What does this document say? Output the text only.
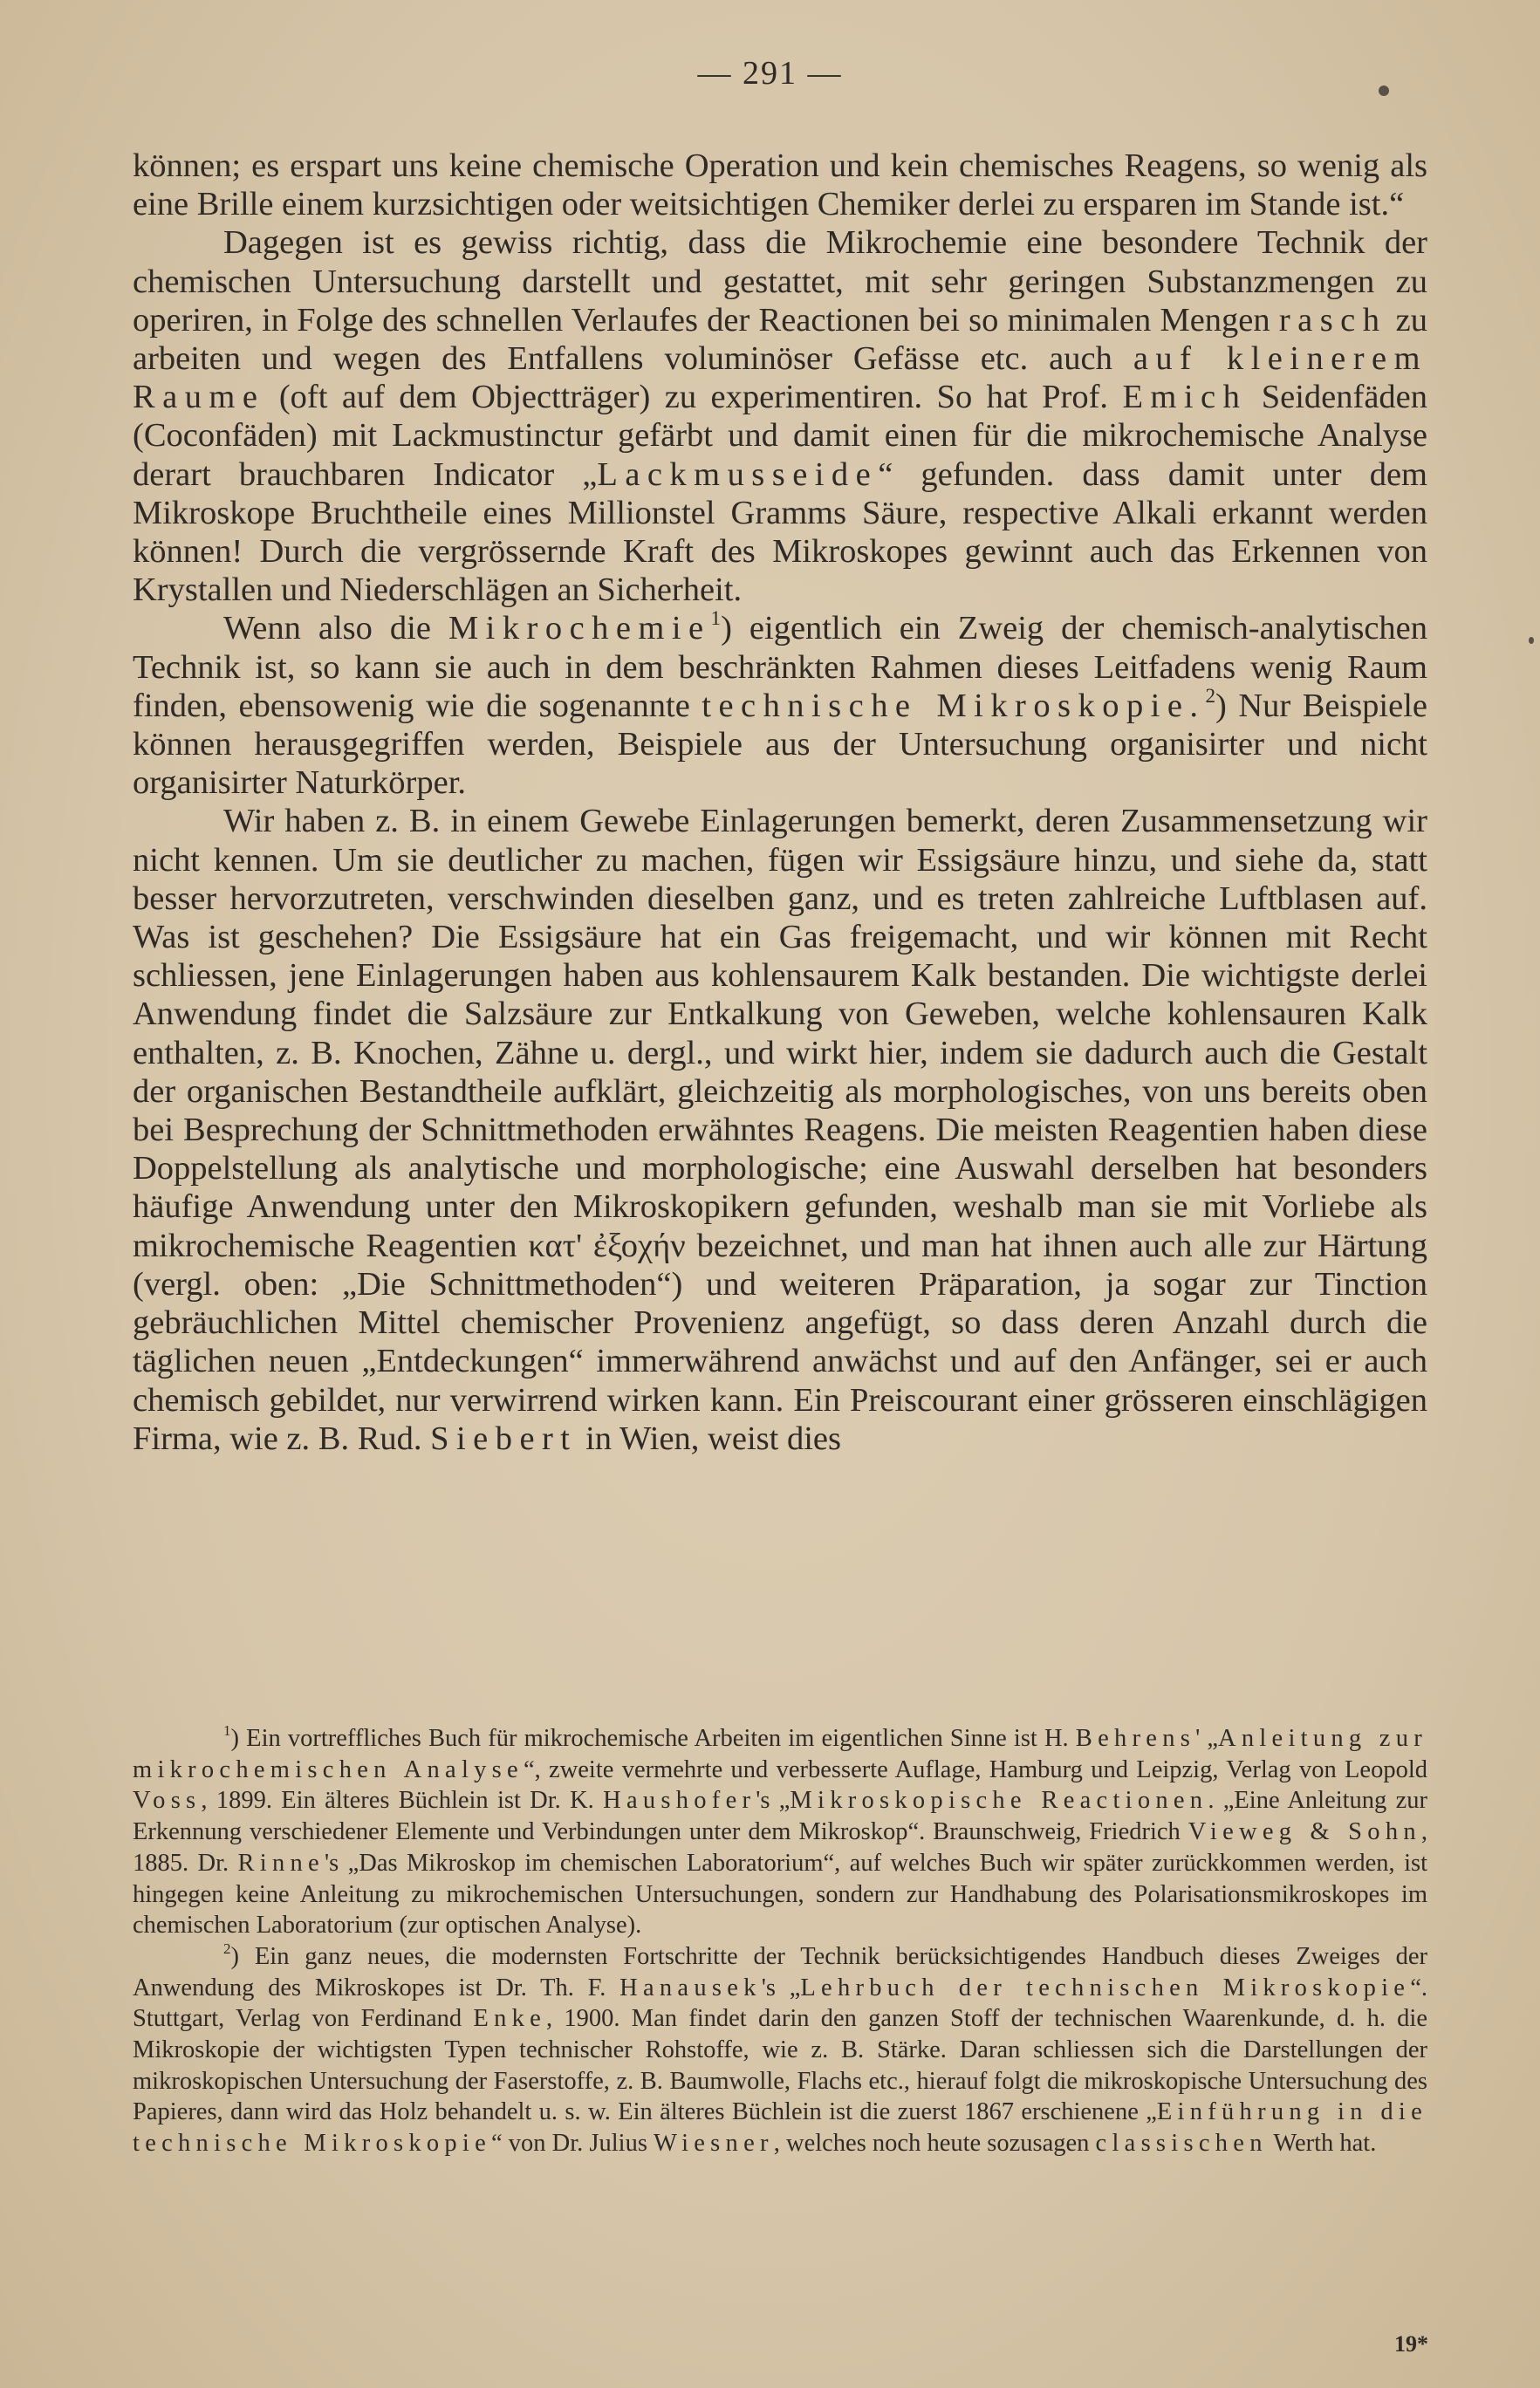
— 291 —

können; es erspart uns keine chemische Operation und kein chemisches Reagens, so wenig als eine Brille einem kurzsichtigen oder weitsichtigen Chemiker derlei zu ersparen im Stande ist.“

Dagegen ist es gewiss richtig, dass die Mikrochemie eine besondere Technik der chemischen Untersuchung darstellt und gestattet, mit sehr geringen Substanzmengen zu operiren, in Folge des schnellen Verlaufes der Reactionen bei so minimalen Mengen rasch zu arbeiten und wegen des Entfallens voluminöser Gefässe etc. auch auf kleinerem Raume (oft auf dem Objectträger) zu experimentiren. So hat Prof. Emich Seidenfäden (Coconfäden) mit Lackmustinctur gefärbt und damit einen für die mikrochemische Analyse derart brauchbaren Indicator „Lackmusseide“ gefunden. dass damit unter dem Mikroskope Bruchtheile eines Millionstel Gramms Säure, respective Alkali erkannt werden können! Durch die vergrössernde Kraft des Mikroskopes gewinnt auch das Erkennen von Krystallen und Niederschlägen an Sicherheit.

Wenn also die Mikrochemie$^1$) eigentlich ein Zweig der chemisch-analytischen Technik ist, so kann sie auch in dem beschränkten Rahmen dieses Leitfadens wenig Raum finden, ebensowenig wie die sogenannte technische Mikroskopie.$^2$) Nur Beispiele können herausgegriffen werden, Beispiele aus der Untersuchung organisirter und nicht organisirter Naturkörper.

Wir haben z. B. in einem Gewebe Einlagerungen bemerkt, deren Zusammensetzung wir nicht kennen. Um sie deutlicher zu machen, fügen wir Essigsäure hinzu, und siehe da, statt besser hervorzutreten, verschwinden dieselben ganz, und es treten zahlreiche Luftblasen auf. Was ist geschehen? Die Essigsäure hat ein Gas freigemacht, und wir können mit Recht schliessen, jene Einlagerungen haben aus kohlensaurem Kalk bestanden. Die wichtigste derlei Anwendung findet die Salzsäure zur Entkalkung von Geweben, welche kohlensauren Kalk enthalten, z. B. Knochen, Zähne u. dergl., und wirkt hier, indem sie dadurch auch die Gestalt der organischen Bestandtheile aufklärt, gleichzeitig als morphologisches, von uns bereits oben bei Besprechung der Schnittmethoden erwähntes Reagens. Die meisten Reagentien haben diese Doppelstellung als analytische und morphologische; eine Auswahl derselben hat besonders häufige Anwendung unter den Mikroskopikern gefunden, weshalb man sie mit Vorliebe als mikrochemische Reagentien κατ' ἐξοχήν bezeichnet, und man hat ihnen auch alle zur Härtung (vergl. oben: „Die Schnittmethoden“) und weiteren Präparation, ja sogar zur Tinction gebräuchlichen Mittel chemischer Provenienz angefügt, so dass deren Anzahl durch die täglichen neuen „Entdeckungen“ immerwährend anwächst und auf den Anfänger, sei er auch chemisch gebildet, nur verwirrend wirken kann. Ein Preiscourant einer grösseren einschlägigen Firma, wie z. B. Rud. Siebert in Wien, weist dies

$^1$) Ein vortreffliches Buch für mikrochemische Arbeiten im eigentlichen Sinne ist H. Behrens' „Anleitung zur mikrochemischen Analyse“, zweite vermehrte und verbesserte Auflage, Hamburg und Leipzig, Verlag von Leopold Voss, 1899. Ein älteres Büchlein ist Dr. K. Haushofer's „Mikroskopische Reactionen. „Eine Anleitung zur Erkennung verschiedener Elemente und Verbindungen unter dem Mikroskop“. Braunschweig, Friedrich Vieweg & Sohn, 1885. Dr. Rinne's „Das Mikroskop im chemischen Laboratorium“, auf welches Buch wir später zurückkommen werden, ist hingegen keine Anleitung zu mikrochemischen Untersuchungen, sondern zur Handhabung des Polarisationsmikroskopes im chemischen Laboratorium (zur optischen Analyse).

$^2$) Ein ganz neues, die modernsten Fortschritte der Technik berücksichtigendes Handbuch dieses Zweiges der Anwendung des Mikroskopes ist Dr. Th. F. Hanausek's „Lehrbuch der technischen Mikroskopie“. Stuttgart, Verlag von Ferdinand Enke, 1900. Man findet darin den ganzen Stoff der technischen Waarenkunde, d. h. die Mikroskopie der wichtigsten Typen technischer Rohstoffe, wie z. B. Stärke. Daran schliessen sich die Darstellungen der mikroskopischen Untersuchung der Faserstoffe, z. B. Baumwolle, Flachs etc., hierauf folgt die mikroskopische Untersuchung des Papieres, dann wird das Holz behandelt u. s. w. Ein älteres Büchlein ist die zuerst 1867 erschienene „Einführung in die technische Mikroskopie“ von Dr. Julius Wiesner, welches noch heute sozusagen classischen Werth hat.

19*
